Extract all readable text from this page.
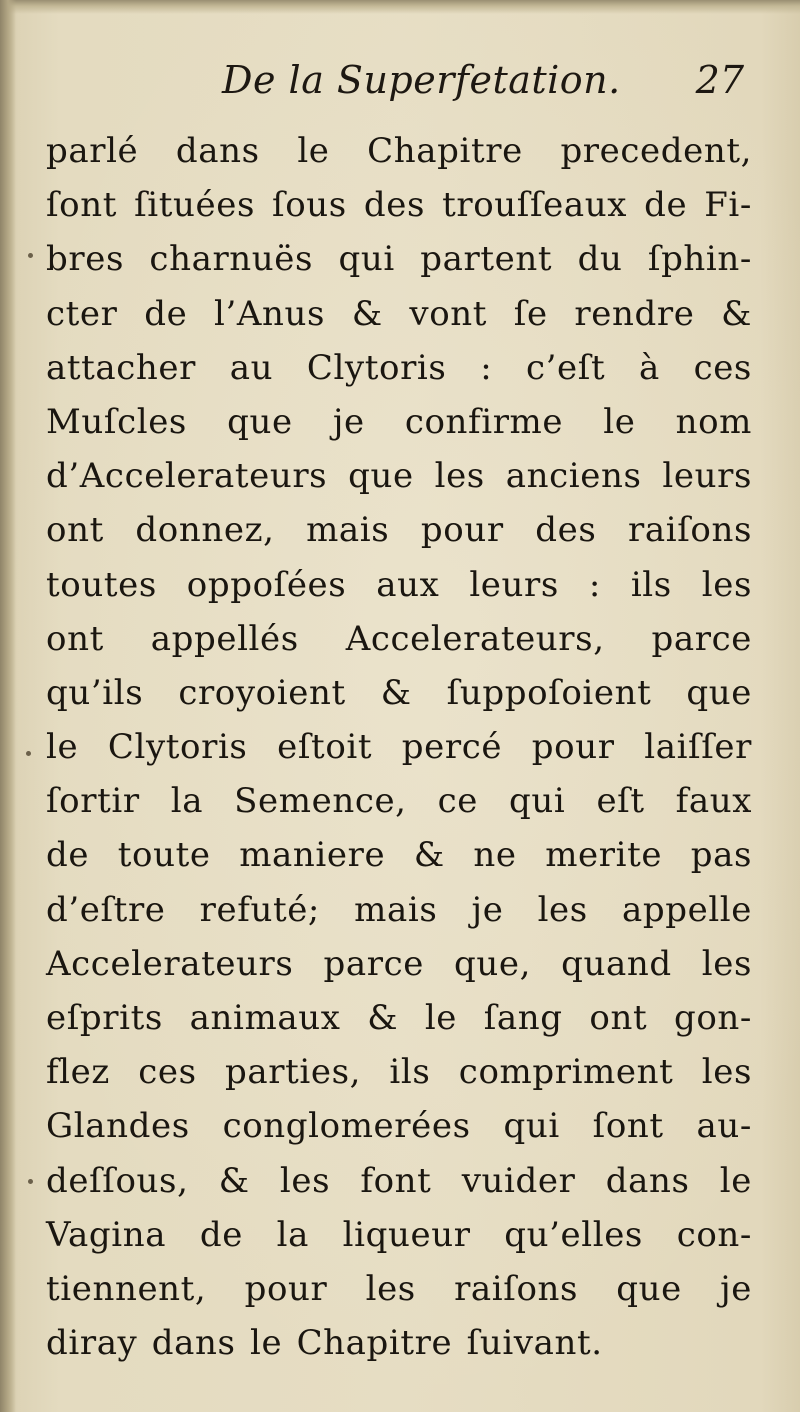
De la Superfetation. 27
parlé dans le Chapitre precedent,
ſont ſituées ſous des trouſſeaux de Fi-
bres charnuës qui partent du ſphin-
cter de l’Anus & vont ſe rendre &
attacher au Clytoris : c’eſt à ces
Muſcles que je confirme le nom
d’Accelerateurs que les anciens leurs
ont donnez, mais pour des raiſons
toutes oppoſées aux leurs : ils les
ont appellés Accelerateurs, parce
qu’ils croyoient & ſuppoſoient que
le Clytoris eſtoit percé pour laiſſer
ſortir la Semence, ce qui eſt faux
de toute maniere & ne merite pas
d’eſtre refuté; mais je les appelle
Accelerateurs parce que, quand les
eſprits animaux & le ſang ont gon-
flez ces parties, ils compriment les
Glandes conglomerées qui ſont au-
deſſous, & les font vuider dans le
Vagina de la liqueur qu’elles con-
tiennent, pour les raiſons que je
diray dans le Chapitre ſuivant.
